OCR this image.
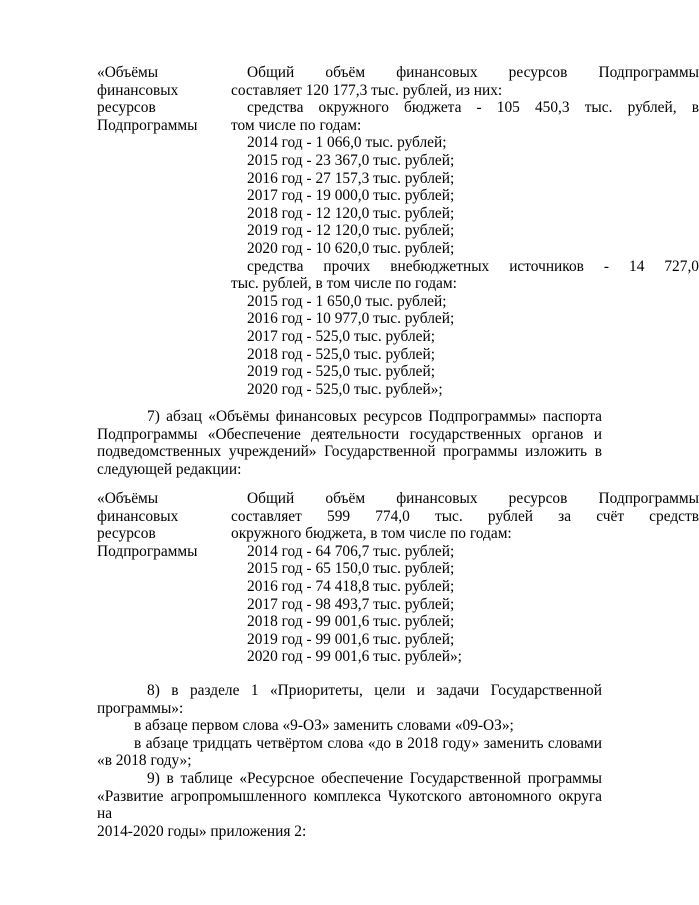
«Объёмы
финансовых
ресурсов
Подпрограммы
Общий объём финансовых ресурсов Подпрограммы
составляет 120 177,3 тыс. рублей, из них:
средства окружного бюджета - 105 450,3 тыс. рублей, в
том числе по годам:
2014 год - 1 066,0 тыс. рублей;
2015 год - 23 367,0 тыс. рублей;
2016 год - 27 157,3 тыс. рублей;
2017 год - 19 000,0 тыс. рублей;
2018 год - 12 120,0 тыс. рублей;
2019 год - 12 120,0 тыс. рублей;
2020 год - 10 620,0 тыс. рублей;
средства прочих внебюджетных источников - 14 727,0
тыс. рублей, в том числе по годам:
2015 год - 1 650,0 тыс. рублей;
2016 год - 10 977,0 тыс. рублей;
2017 год - 525,0 тыс. рублей;
2018 год - 525,0 тыс. рублей;
2019 год - 525,0 тыс. рублей;
2020 год - 525,0 тыс. рублей»;
7) абзац «Объёмы финансовых ресурсов Подпрограммы» паспорта
Подпрограммы «Обеспечение деятельности государственных органов и
подведомственных учреждений» Государственной программы изложить в
следующей редакции:
«Объёмы
финансовых
ресурсов
Подпрограммы
Общий объём финансовых ресурсов Подпрограммы
составляет 599 774,0 тыс. рублей за счёт средств
окружного бюджета, в том числе по годам:
2014 год - 64 706,7 тыс. рублей;
2015 год - 65 150,0 тыс. рублей;
2016 год - 74 418,8 тыс. рублей;
2017 год - 98 493,7 тыс. рублей;
2018 год - 99 001,6 тыс. рублей;
2019 год - 99 001,6 тыс. рублей;
2020 год - 99 001,6 тыс. рублей»;
8) в разделе 1 «Приоритеты, цели и задачи Государственной
программы»:
в абзаце первом слова «9-ОЗ» заменить словами «09-ОЗ»;
в абзаце тридцать четвёртом слова «до в 2018 году» заменить словами
«в 2018 году»;
9) в таблице «Ресурсное обеспечение Государственной программы
«Развитие агропромышленного комплекса Чукотского автономного округа на
2014-2020 годы» приложения 2:
